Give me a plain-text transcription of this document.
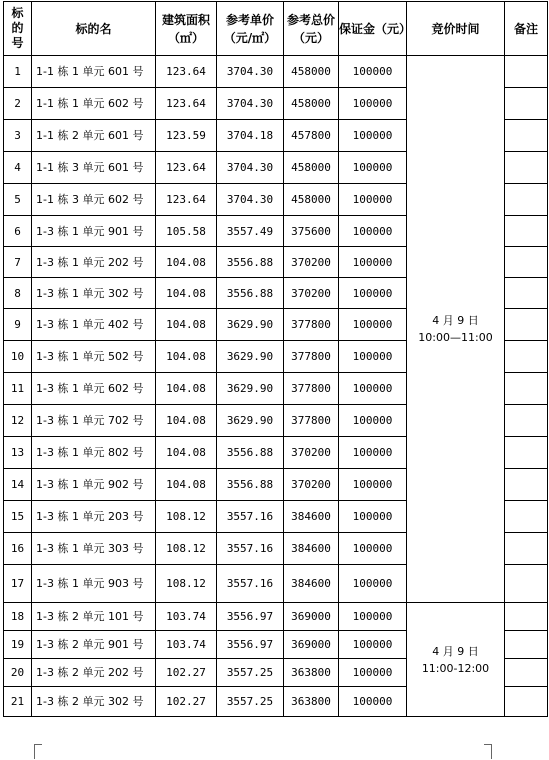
标的号	标的名	建筑面积（㎡）	参考单价（元/㎡）	参考总价（元）	保证金（元）	竞价时间	备注
1	1-1 栋 1 单元 601 号	123.64	3704.30	458000	100000	4 月 9 日
10:00—11:00	

2	1-1 栋 1 单元 602 号	123.64	3704.30	458000	100000		
3	1-1 栋 2 单元 601 号	123.59	3704.18	457800	100000		
4	1-1 栋 3 单元 601 号	123.64	3704.30	458000	100000		
5	1-1 栋 3 单元 602 号	123.64	3704.30	458000	100000		
6	1-3 栋 1 单元 901 号	105.58	3557.49	375600	100000		
7	1-3 栋 1 单元 202 号	104.08	3556.88	370200	100000		
8	1-3 栋 1 单元 302 号	104.08	3556.88	370200	100000		
9	1-3 栋 1 单元 402 号	104.08	3629.90	377800	100000		
10	1-3 栋 1 单元 502 号	104.08	3629.90	377800	100000		
11	1-3 栋 1 单元 602 号	104.08	3629.90	377800	100000		
12	1-3 栋 1 单元 702 号	104.08	3629.90	377800	100000		
13	1-3 栋 1 单元 802 号	104.08	3556.88	370200	100000		
14	1-3 栋 1 单元 902 号	104.08	3556.88	370200	100000		
15	1-3 栋 1 单元 203 号	108.12	3557.16	384600	100000		
16	1-3 栋 1 单元 303 号	108.12	3557.16	384600	100000		
17	1-3 栋 1 单元 903 号	108.12	3557.16	384600	100000		
18	1-3 栋 2 单元 101 号	103.74	3556.97	369000	100000	4 月 9 日
11:00-12:00	

19	1-3 栋 2 单元 901 号	103.74	3556.97	369000	100000		
20	1-3 栋 2 单元 202 号	102.27	3557.25	363800	100000		
21	1-3 栋 2 单元 302 号	102.27	3557.25	363800	100000		
